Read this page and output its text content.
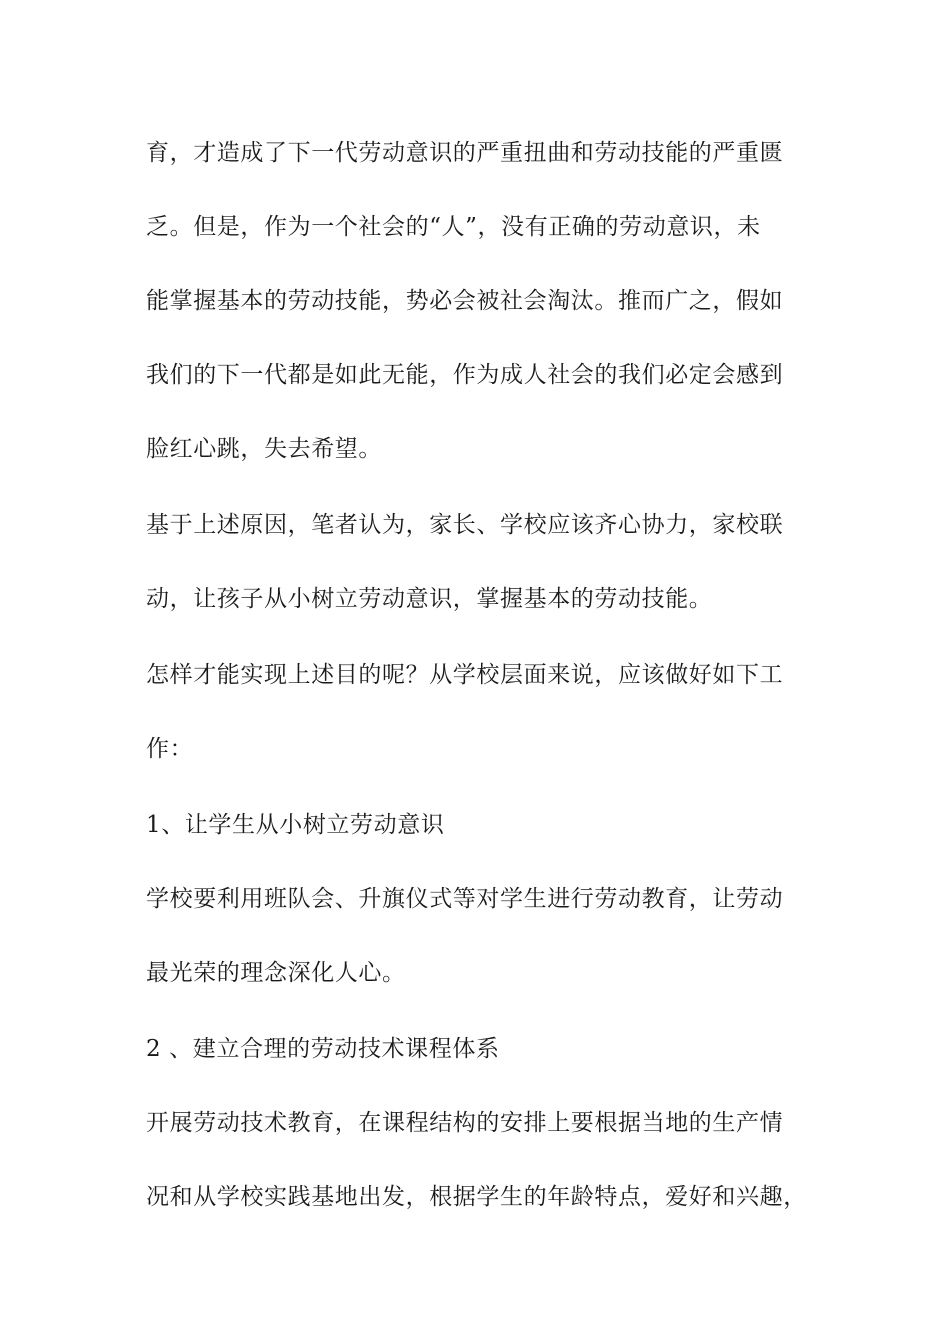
育，才造成了下一代劳动意识的严重扭曲和劳动技能的严重匮
乏。但是，作为一个社会的“人”，没有正确的劳动意识，未
能掌握基本的劳动技能，势必会被社会淘汰。推而广之，假如
我们的下一代都是如此无能，作为成人社会的我们必定会感到
脸红心跳，失去希望。
基于上述原因，笔者认为，家长、学校应该齐心协力，家校联
动，让孩子从小树立劳动意识，掌握基本的劳动技能。
怎样才能实现上述目的呢？从学校层面来说，应该做好如下工
作：
1、让学生从小树立劳动意识
学校要利用班队会、升旗仪式等对学生进行劳动教育，让劳动
最光荣的理念深化人心。
2 、建立合理的劳动技术课程体系
开展劳动技术教育，在课程结构的安排上要根据当地的生产情
况和从学校实践基地出发，根据学生的年龄特点，爱好和兴趣，
